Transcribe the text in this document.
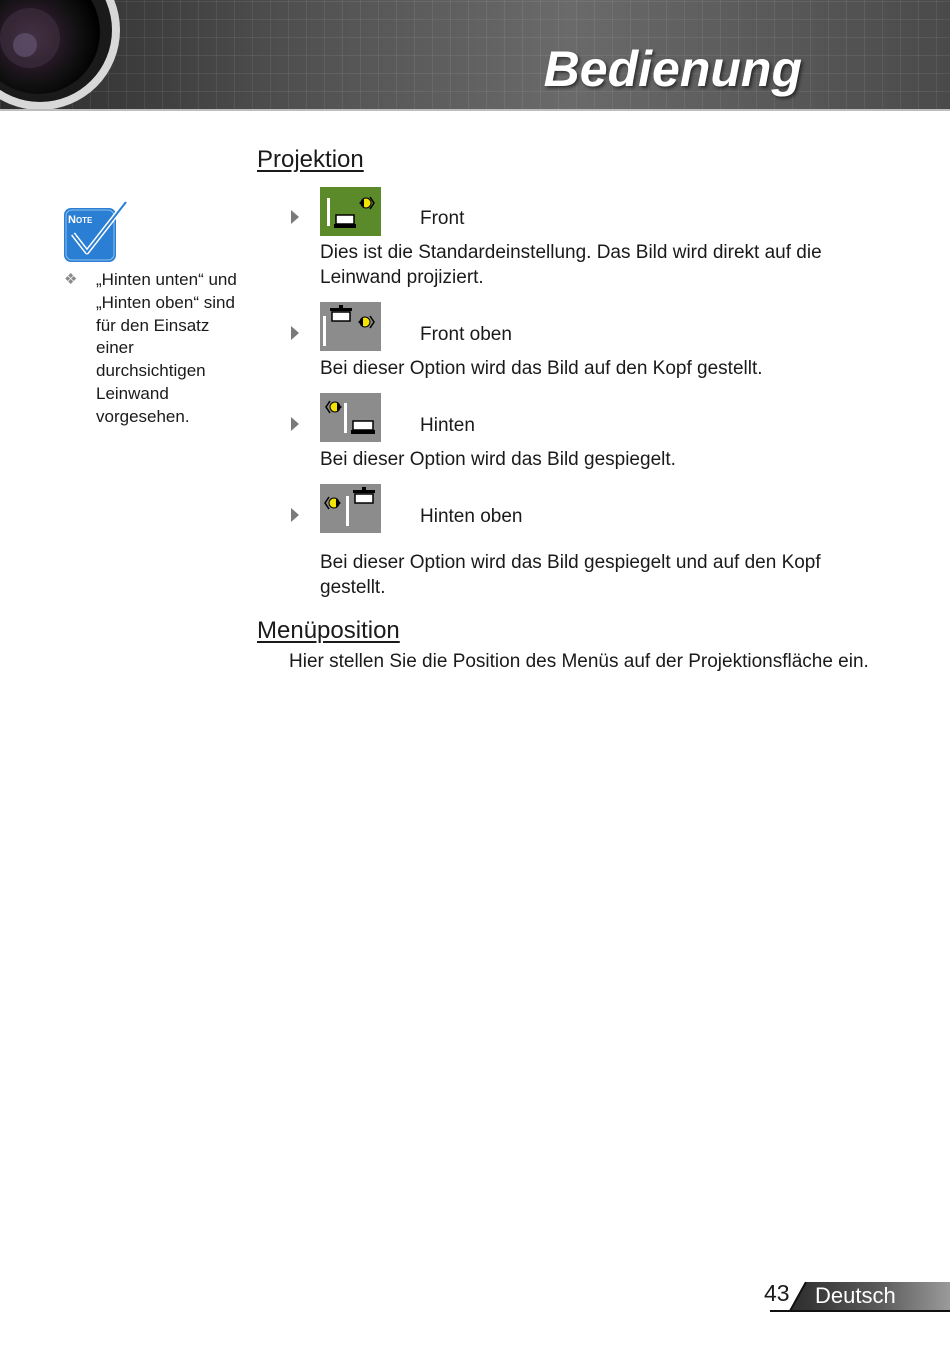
Bedienung
Note
❖ „Hinten unten“ und „Hinten oben“ sind für den Einsatz einer durchsichtigen Leinwand vorgesehen.
Projektion
Front
Dies ist die Standardeinstellung. Das Bild wird direkt auf die Leinwand projiziert.
Front oben
Bei dieser Option wird das Bild auf den Kopf gestellt.
Hinten
Bei dieser Option wird das Bild gespiegelt.
Hinten oben
Bei dieser Option wird das Bild gespiegelt und auf den Kopf gestellt.
Menüposition
Hier stellen Sie die Position des Menüs auf der Projektionsfläche ein.
43 Deutsch
